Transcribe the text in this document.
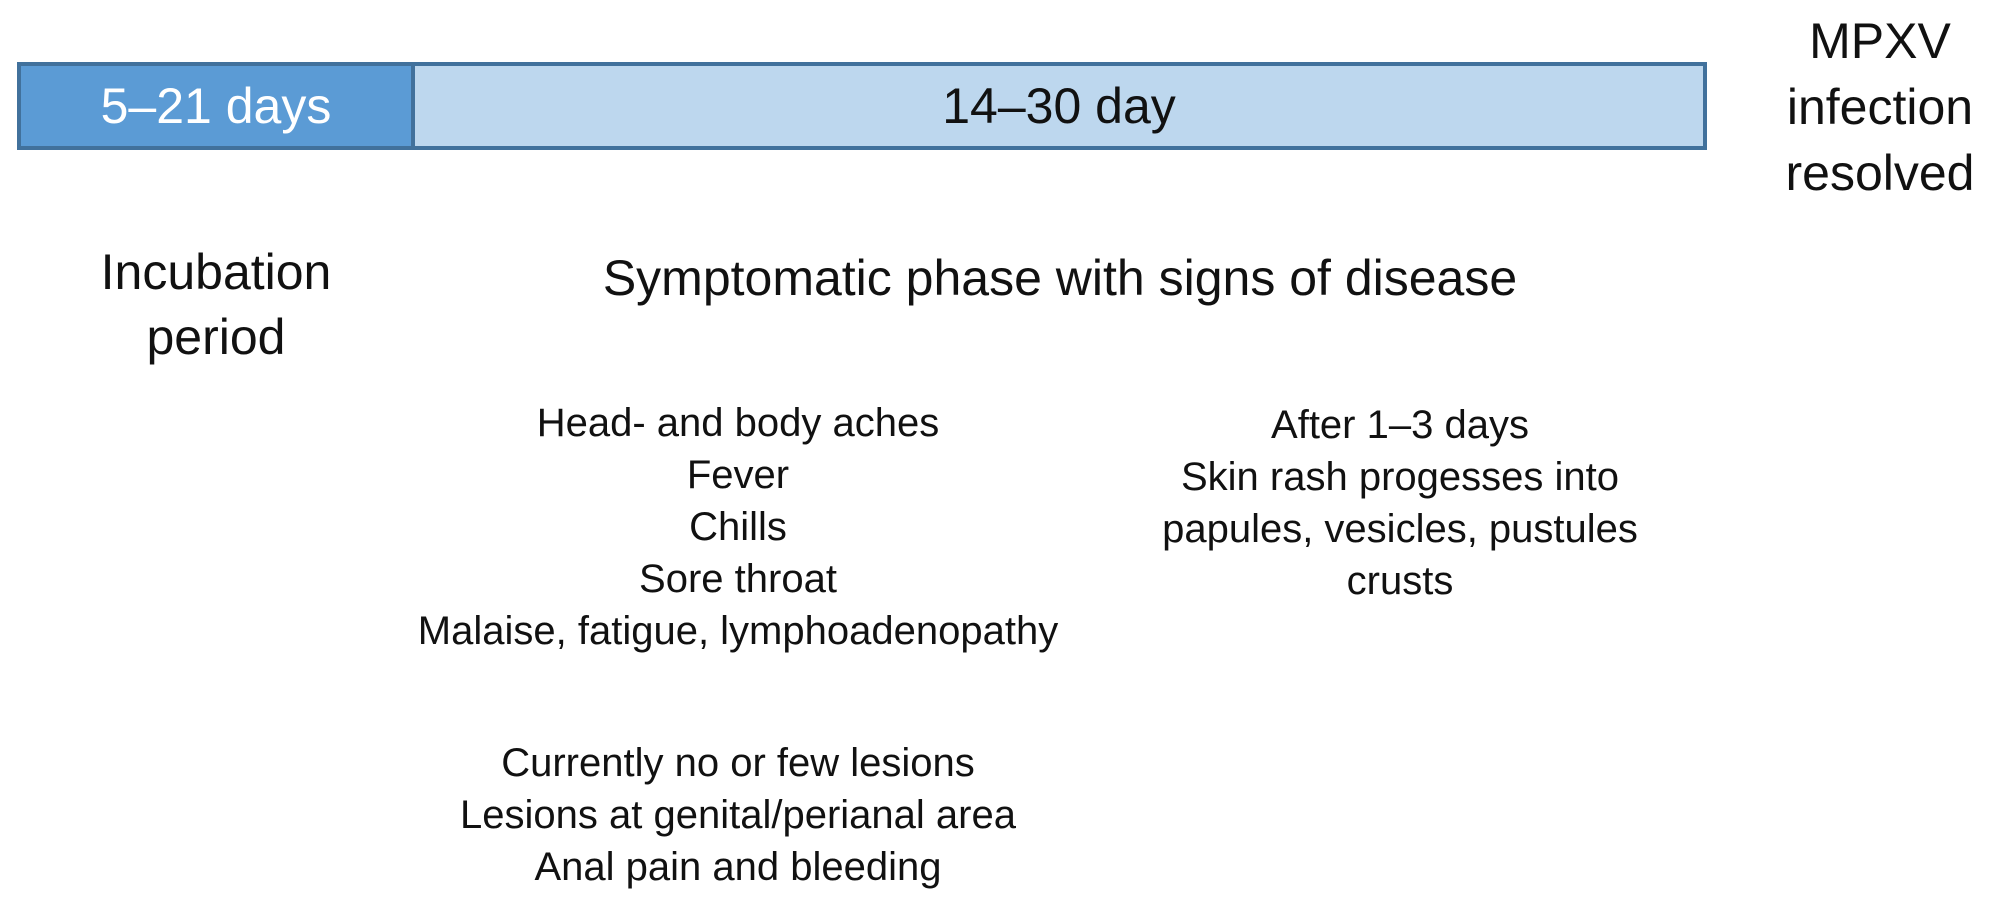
5–21 days	14–30 day
MPXV
infection
resolved
Incubation
period
Symptomatic phase with signs of disease
Head- and body aches
Fever
Chills
Sore throat
Malaise, fatigue, lymphoadenopathy
After 1–3 days
Skin rash progesses into
papules, vesicles, pustules
crusts
Currently no or few lesions
Lesions at genital/perianal area
Anal pain and bleeding
